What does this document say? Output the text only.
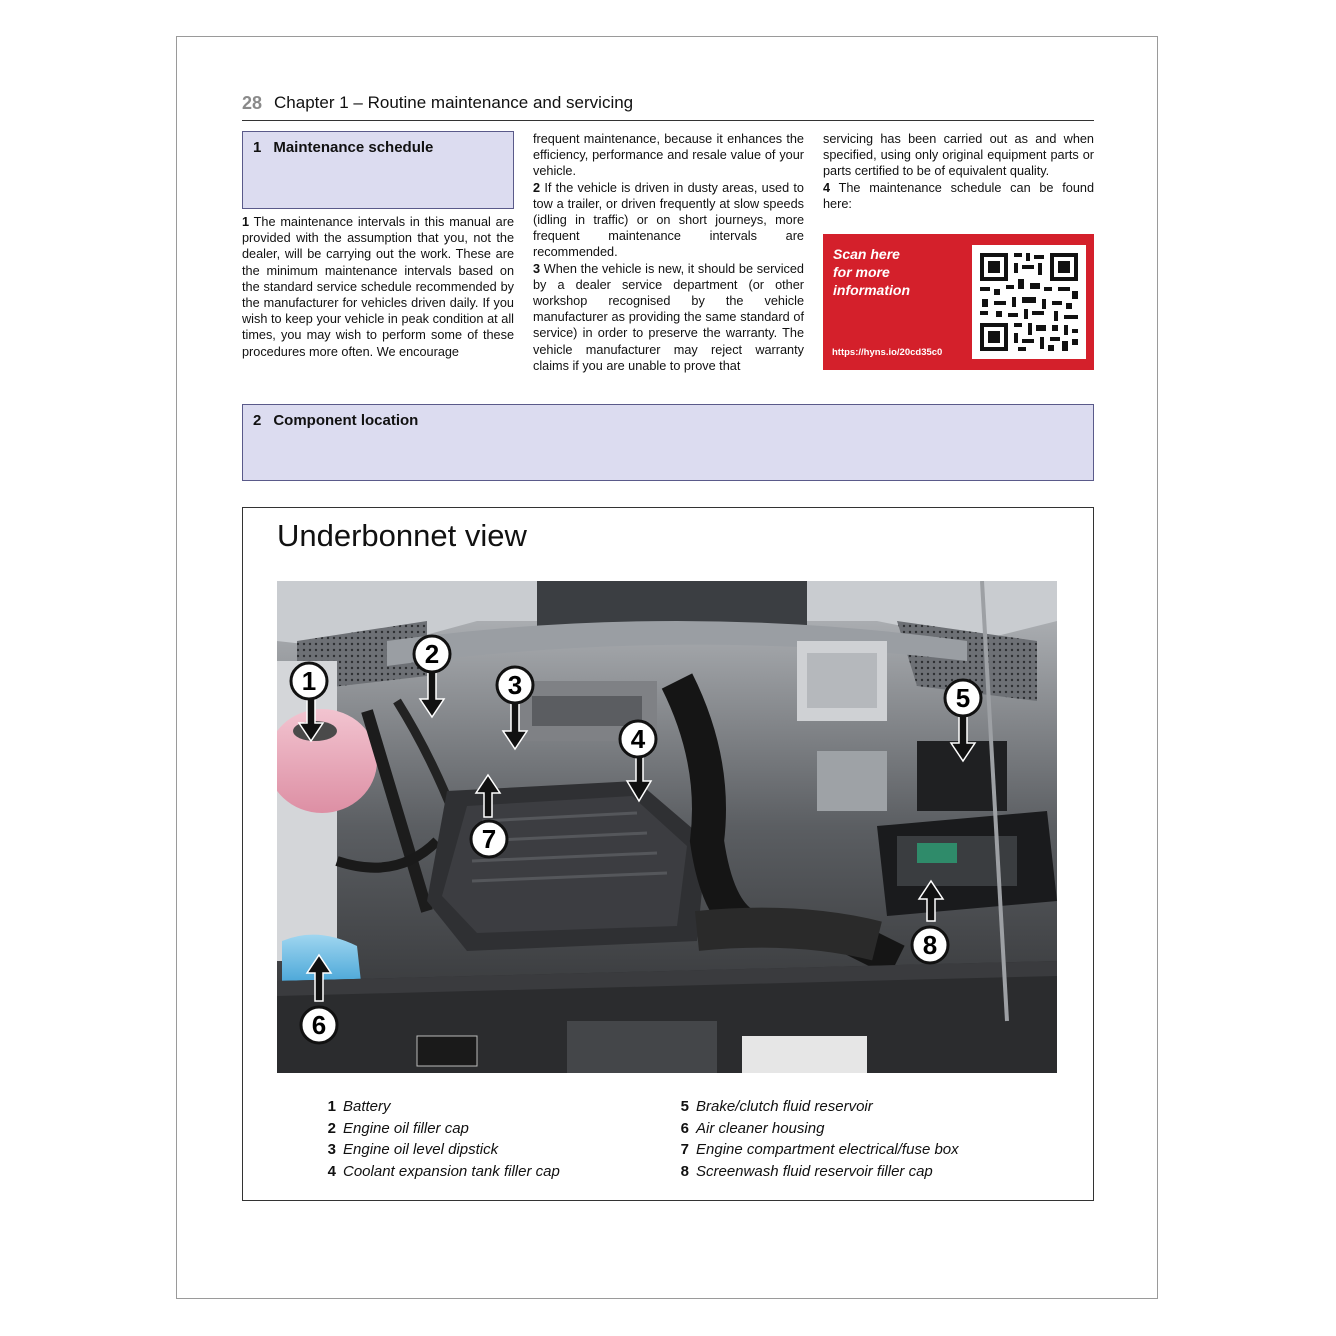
28 Chapter 1 – Routine maintenance and servicing
1 Maintenance schedule

1 The maintenance intervals in this manual are provided with the assumption that you, not the dealer, will be carrying out the work. These are the minimum maintenance intervals based on the standard service schedule recommended by the manufacturer for vehicles driven daily. If you wish to keep your vehicle in peak condition at all times, you may wish to perform some of these procedures more often. We encourage

frequent maintenance, because it enhances the efficiency, performance and resale value of your vehicle.

2 If the vehicle is driven in dusty areas, used to tow a trailer, or driven frequently at slow speeds (idling in traffic) or on short journeys, more frequent maintenance intervals are recommended.

3 When the vehicle is new, it should be serviced by a dealer service department (or other workshop recognised by the vehicle manufacturer as providing the same standard of service) in order to preserve the warranty. The vehicle manufacturer may reject warranty claims if you are unable to prove that

servicing has been carried out as and when specified, using only original equipment parts or parts certified to be of equivalent quality.

4 The maintenance schedule can be found here:

Scan here
for more
information
https://hyns.io/20cd35c0
2 Component location
Underbonnet view
1
2
3
4
5
6
7
8
1 Battery
2 Engine oil filler cap
3 Engine oil level dipstick
4 Coolant expansion tank filler cap
5 Brake/clutch fluid reservoir
6 Air cleaner housing
7 Engine compartment electrical/fuse box
8 Screenwash fluid reservoir filler cap
